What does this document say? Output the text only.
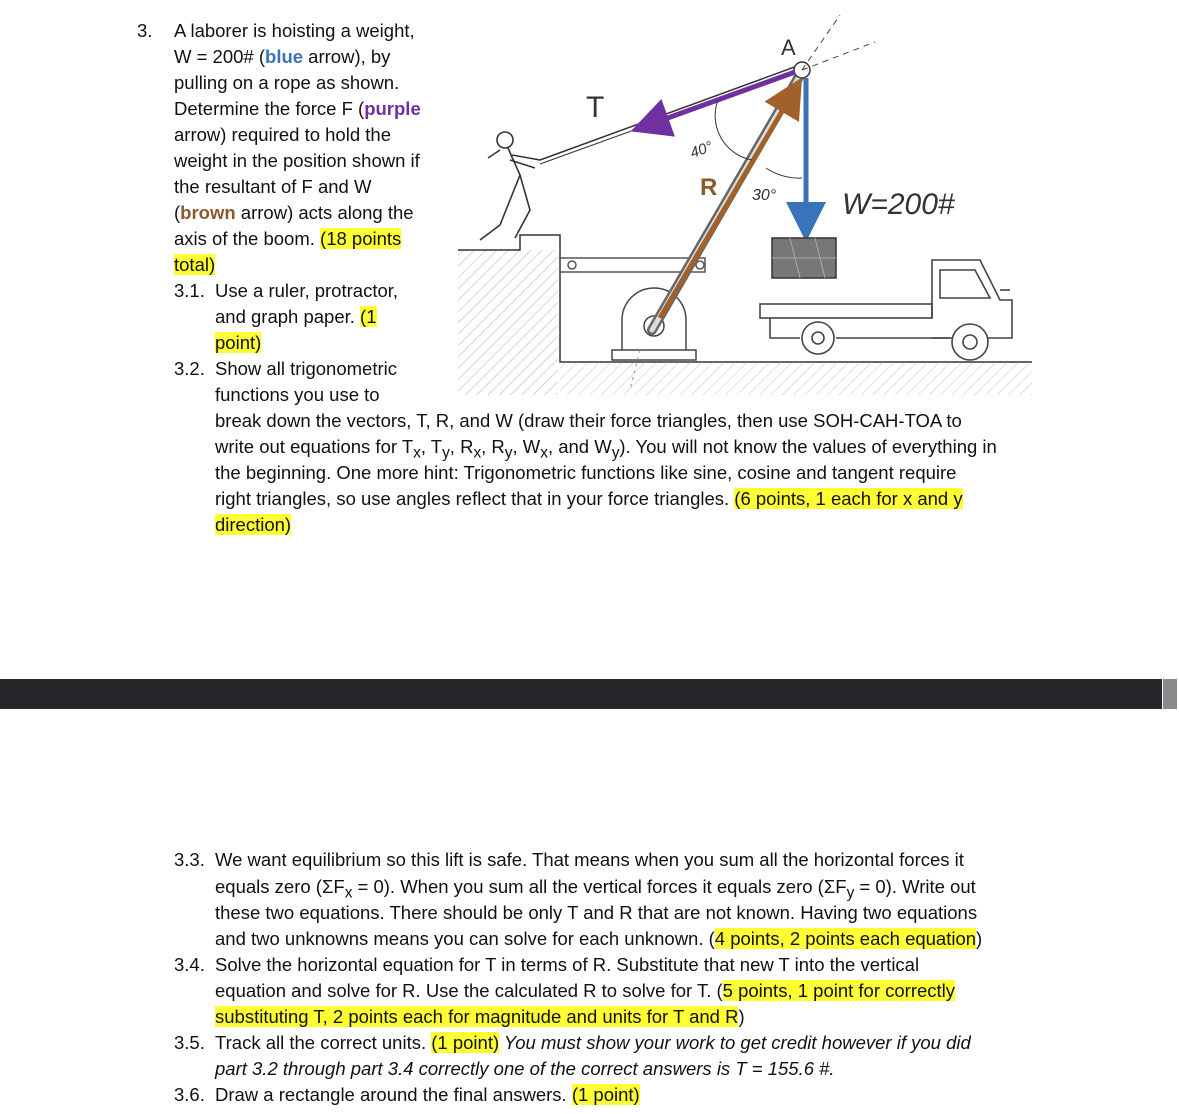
3. A laborer is hoisting a weight,
W = 200# (blue arrow), by
pulling on a rope as shown.
Determine the force F (purple
arrow) required to hold the
weight in the position shown if
the resultant of F and W
(brown arrow) acts along the
axis of the boom. (18 points
total)
3.1. Use a ruler, protractor,
and graph paper. (1
point)
3.2. Show all trigonometric
functions you use to
break down the vectors, T, R, and W (draw their force triangles, then use SOH-CAH-TOA to
write out equations for $T_x$, $T_y$, $R_x$, $R_y$, $W_x$, and $W_y$). You will not know the values of everything in
the beginning. One more hint: Trigonometric functions like sine, cosine and tangent require
right triangles, so use angles reflect that in your force triangles. (6 points, 1 each for x and y
direction)
3.3. We want equilibrium so this lift is safe. That means when you sum all the horizontal forces it
equals zero $(\Sigma F_x = 0)$. When you sum all the vertical forces it equals zero $(\Sigma F_y = 0)$. Write out
these two equations. There should be only T and R that are not known. Having two equations
and two unknowns means you can solve for each unknown. (4 points, 2 points each equation)
3.4. Solve the horizontal equation for T in terms of R. Substitute that new T into the vertical
equation and solve for R. Use the calculated R to solve for T. (5 points, 1 point for correctly
substituting T, 2 points each for magnitude and units for T and R)
3.5. Track all the correct units. (1 point) You must show your work to get credit however if you did
part 3.2 through part 3.4 correctly one of the correct answers is T = 155.6 #.
3.6. Draw a rectangle around the final answers. (1 point)
A
T
40°
R 30° W=200#
